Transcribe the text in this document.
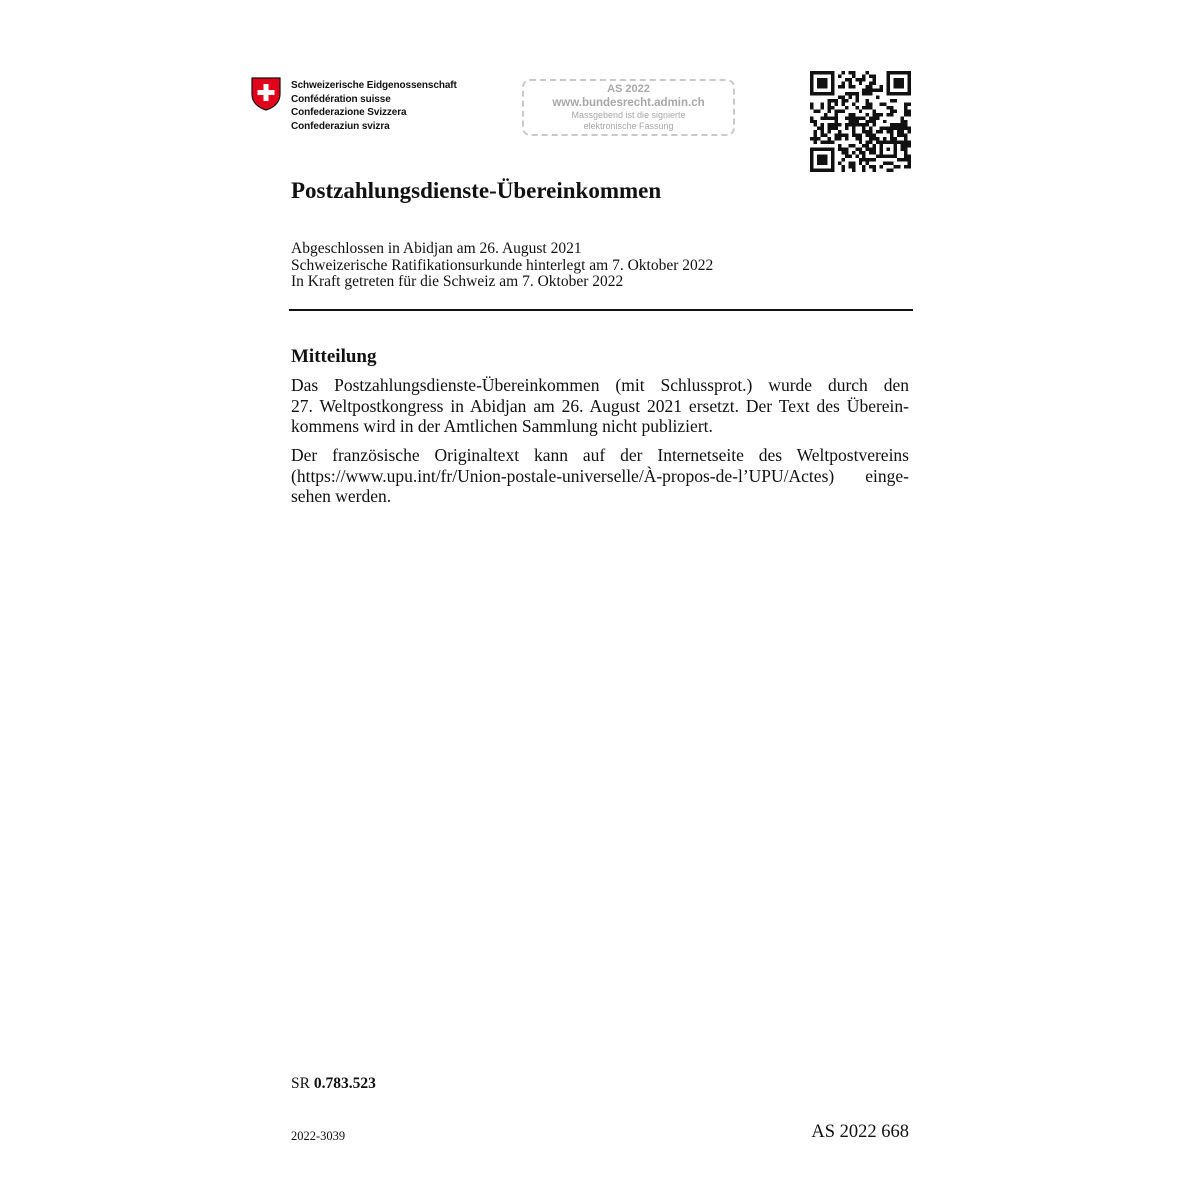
Schweizerische Eidgenossenschaft
Confédération suisse
Confederazione Svizzera
Confederaziun svizra
AS 2022
www.bundesrecht.admin.ch
Massgebend ist die signierte
elektronische Fassung
Postzahlungsdienste-Übereinkommen
Abgeschlossen in Abidjan am 26. August 2021
Schweizerische Ratifikationsurkunde hinterlegt am 7. Oktober 2022
In Kraft getreten für die Schweiz am 7. Oktober 2022
Mitteilung
Das Postzahlungsdienste-Übereinkommen (mit Schlussprot.) wurde durch den
27. Weltpostkongress in Abidjan am 26. August 2021 ersetzt. Der Text des Überein-
kommens wird in der Amtlichen Sammlung nicht publiziert.
Der französische Originaltext kann auf der Internetseite des Weltpostvereins
(https://www.upu.int/fr/Union-postale-universelle/À-propos-de-l’UPU/Actes) einge-
sehen werden.
SR 0.783.523
2022-3039	AS 2022 668
